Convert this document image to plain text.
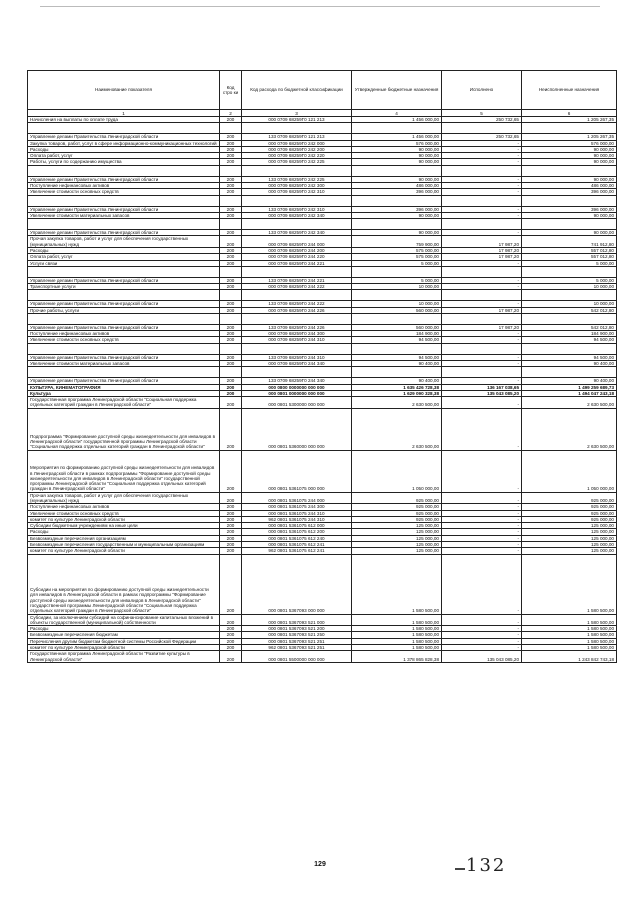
Наименование показателя	Код стро ки	Код расхода по бюджетной классификации	Утвержденные бюджетные назначения	Исполнено	Неисполненные назначения
1	2	3	4	5	6
Начисления на выплаты по оплате труда	200	000 0709 68259Г0 121 213	1 456 000,00	250 732,65	1 205 267,35

Управление делами Правительства Ленинградской области	200	133 0709 68259Г0 121 213	1 456 000,00	250 732,65	1 205 267,35
Закупка товаров, работ, услуг в сфере информационно-коммуникационных технологий	200	000 0709 68259Г0 242 000	576 000,00	-	576 000,00
Расходы	200	000 0709 68259Г0 242 200	90 000,00	-	90 000,00
Оплата работ, услуг	200	000 0709 68259Г0 242 220	90 000,00	-	90 000,00
Работы, услуги по содержанию имущества	200	000 0709 68259Г0 242 225	90 000,00	-	90 000,00

Управление делами Правительства Ленинградской области	200	133 0709 68259Г0 242 225	90 000,00	-	90 000,00
Поступление нефинансовых активов	200	000 0709 68259Г0 242 300	486 000,00	-	486 000,00
Увеличение стоимости основных средств	200	000 0709 68259Г0 242 310	396 000,00	-	396 000,00

Управление делами Правительства Ленинградской области	200	133 0709 68259Г0 242 310	396 000,00	-	396 000,00
Увеличение стоимости материальных запасов	200	000 0709 68259Г0 242 340	90 000,00	-	90 000,00

Управление делами Правительства Ленинградской области	200	133 0709 68259Г0 242 340	90 000,00	-	90 000,00
Прочая закупка товаров, работ и услуг для обеспечения государственных (муниципальных) нужд	200	000 0709 68259Г0 244 000	759 900,00	17 987,20	741 912,80
Расходы	200	000 0709 68259Г0 244 200	575 000,00	17 987,20	557 012,80
Оплата работ, услуг	200	000 0709 68259Г0 244 220	575 000,00	17 987,20	557 012,80
Услуги связи	200	000 0709 68259Г0 244 221	5 000,00	-	5 000,00

Управление делами Правительства Ленинградской области	200	133 0709 68259Г0 244 221	5 000,00	-	5 000,00
Транспортные услуги	200	000 0709 68259Г0 244 222	10 000,00	-	10 000,00

Управление делами Правительства Ленинградской области	200	133 0709 68259Г0 244 222	10 000,00	-	10 000,00
Прочие работы, услуги	200	000 0709 68259Г0 244 226	560 000,00	17 987,20	542 012,80

Управление делами Правительства Ленинградской области	200	133 0709 68259Г0 244 226	560 000,00	17 987,20	542 012,80
Поступление нефинансовых активов	200	000 0709 68259Г0 244 300	184 900,00	-	184 900,00
Увеличение стоимости основных средств	200	000 0709 68259Г0 244 310	94 500,00	-	94 500,00

Управление делами Правительства Ленинградской области	200	133 0709 68259Г0 244 310	94 500,00	-	94 500,00
Увеличение стоимости материальных запасов	200	000 0709 68259Г0 244 340	90 400,00	-	90 400,00

Управление делами Правительства Ленинградской области	200	133 0709 68259Г0 244 340	90 400,00	-	90 400,00
КУЛЬТУРА, КИНЕМАТОГРАФИЯ	200	000 0800 0000000 000 000	1 635 426 728,38	136 167 038,65	1 499 259 689,73
Культура	200	000 0801 0000000 000 000	1 629 090 328,38	135 043 085,20	1 494 047 243,18
Государственная программа Ленинградской области "Социальная поддержка отдельных категорий граждан в Ленинградской области"	200	000 0801 5300000 000 000	2 630 500,00	-	2 630 500,00
Подпрограмма "Формирование доступной среды жизнедеятельности для инвалидов в Ленинградской области" государственной программы Ленинградской области "Социальная поддержка отдельных категорий граждан в Ленинградской области"	200	000 0801 5360000 000 000	2 630 500,00	-	2 630 500,00
Мероприятия по формированию доступной среды жизнедеятельности для инвалидов в Ленинградской области в рамках подпрограммы "Формирование доступной среды жизнедеятельности для инвалидов в Ленинградской области" государственной программы Ленинградской области "Социальная поддержка отдельных категорий граждан в Ленинградской области"	200	000 0801 5361075 000 000	1 050 000,00	-	1 050 000,00
Прочая закупка товаров, работ и услуг для обеспечения государственных (муниципальных) нужд	200	000 0801 5361075 244 000	925 000,00	-	925 000,00
Поступление нефинансовых активов	200	000 0801 5361075 244 300	925 000,00	-	925 000,00
Увеличение стоимости основных средств	200	000 0801 5361075 244 310	925 000,00	-	925 000,00
комитет по культуре Ленинградской области	200	962 0801 5361075 244 310	925 000,00	-	925 000,00
Субсидии бюджетным учреждениям на иные цели	200	000 0801 5361075 612 000	125 000,00	-	125 000,00
Расходы	200	000 0801 5361075 612 200	125 000,00	-	125 000,00
Безвозмездные перечисления организациям	200	000 0801 5361075 612 240	125 000,00	-	125 000,00
Безвозмездные перечисления государственным и муниципальным организациям	200	000 0801 5361075 612 241	125 000,00	-	125 000,00
комитет по культуре Ленинградской области	200	962 0801 5361075 612 241	125 000,00	-	125 000,00
Субсидии на мероприятия по формированию доступной среды жизнедеятельности для инвалидов в Ленинградской области в рамках подпрограммы "Формирование доступной среды жизнедеятельности для инвалидов в Ленинградской области" государственной программы Ленинградской области "Социальная поддержка отдельных категорий граждан в Ленинградской области"	200	000 0801 5367093 000 000	1 580 500,00	-	1 580 500,00
Субсидии, за исключением субсидий на софинансирование капитальных вложений в объекты государственной (муниципальной) собственности	200	000 0801 5367093 521 000	1 580 500,00	-	1 580 500,00
Расходы	200	000 0801 5367093 521 200	1 580 500,00	-	1 580 500,00
Безвозмездные перечисления бюджетам	200	000 0801 5367093 521 250	1 580 500,00	-	1 580 500,00
Перечисления другим бюджетам бюджетной системы Российской Федерации	200	000 0801 5367093 521 251	1 580 500,00	-	1 580 500,00
комитет по культуре Ленинградской области	200	962 0801 5367093 521 251	1 580 500,00	-	1 580 500,00
Государственная программа Ленинградской области "Развитие культуры в Ленинградской области"	200	000 0801 5500000 000 000	1 378 865 828,38	135 043 085,20	1 243 842 743,18
132
129
